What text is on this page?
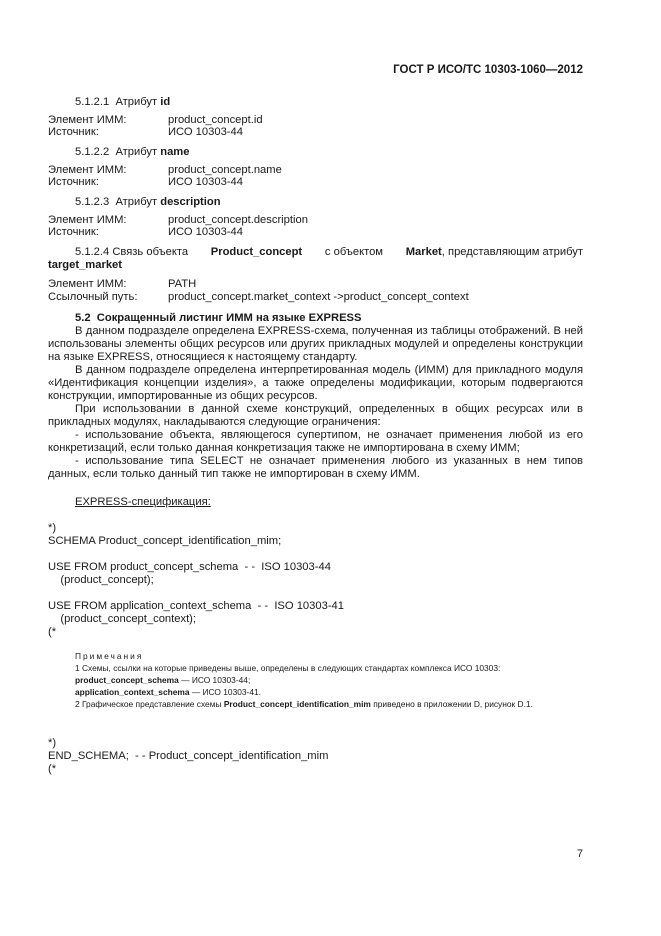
ГОСТ Р ИСО/ТС 10303-1060—2012
5.1.2.1 Атрибут id
Элемент ИММ:	product_concept.id
Источник:	ИСО 10303-44
5.1.2.2 Атрибут name
Элемент ИММ:	product_concept.name
Источник:	ИСО 10303-44
5.1.2.3 Атрибут description
Элемент ИММ:	product_concept.description
Источник:	ИСО 10303-44
5.1.2.4 Связь объекта Product_concept с объектом Market, представляющим атрибут
target_market
Элемент ИММ:	PATH
Ссылочный путь:	product_concept.market_context ->product_concept_context
5.2 Сокращенный листинг ИММ на языке EXPRESS

В данном подразделе определена EXPRESS-схема, полученная из таблицы отображений. В ней использованы элементы общих ресурсов или других прикладных модулей и определены конструкции на языке EXPRESS, относящиеся к настоящему стандарту.

В данном подразделе определена интерпретированная модель (ИММ) для прикладного модуля «Идентификация концепции изделия», а также определены модификации, которым подвергаются конструкции, импортированные из общих ресурсов.

При использовании в данной схеме конструкций, определенных в общих ресурсах или в прикладных модулях, накладываются следующие ограничения:

- использование объекта, являющегося супертипом, не означает применения любой из его конкретизаций, если только данная конкретизация также не импортирована в схему ИММ;

- использование типа SELECT не означает применения любого из указанных в нем типов данных, если только данный тип также не импортирован в схему ИММ.

EXPRESS-спецификация:
*)
SCHEMA Product_concept_identification_mim;
USE FROM product_concept_schema  - -  ISO 10303-44
(product_concept);
USE FROM application_context_schema  - -  ISO 10303-41
(product_concept_context);
(*
Примечания
1 Схемы, ссылки на которые приведены выше, определены в следующих стандартах комплекса ИСО 10303:
product_concept_schema — ИСО 10303-44;
application_context_schema — ИСО 10303-41.
2 Графическое представление схемы Product_concept_identification_mim приведено в приложении D, рисунок D.1.
*)
END_SCHEMA;  - - Product_concept_identification_mim
(*
7
